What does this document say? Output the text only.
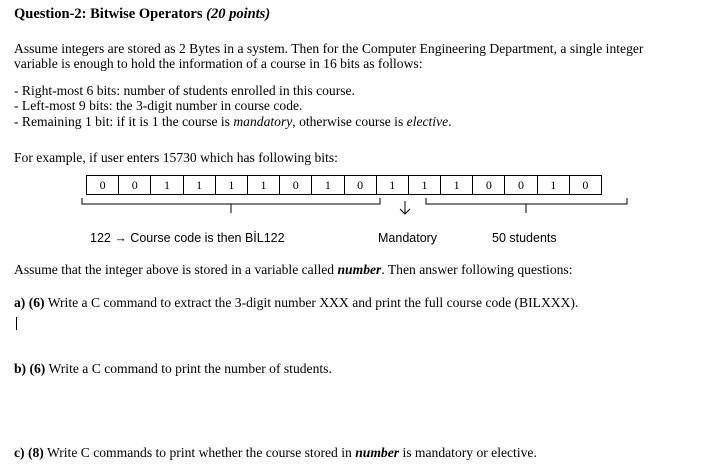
Question-2: Bitwise Operators (20 points)
Assume integers are stored as 2 Bytes in a system. Then for the Computer Engineering Department, a single integer
variable is enough to hold the information of a course in 16 bits as follows:
- Right-most 6 bits: number of students enrolled in this course.
- Left-most 9 bits: the 3-digit number in course code.
- Remaining 1 bit: if it is 1 the course is mandatory, otherwise course is elective.
For example, if user enters 15730 which has following bits:
0	0	1	1	1	1	0	1	0	1	1	1	0	0	1	0
122 → Course code is then BİL122	Mandatory	50 students
Assume that the integer above is stored in a variable called number. Then answer following questions:
a) (6) Write a C command to extract the 3-digit number XXX and print the full course code (BILXXX).
b) (6) Write a C command to print the number of students.
c) (8) Write C commands to print whether the course stored in number is mandatory or elective.
